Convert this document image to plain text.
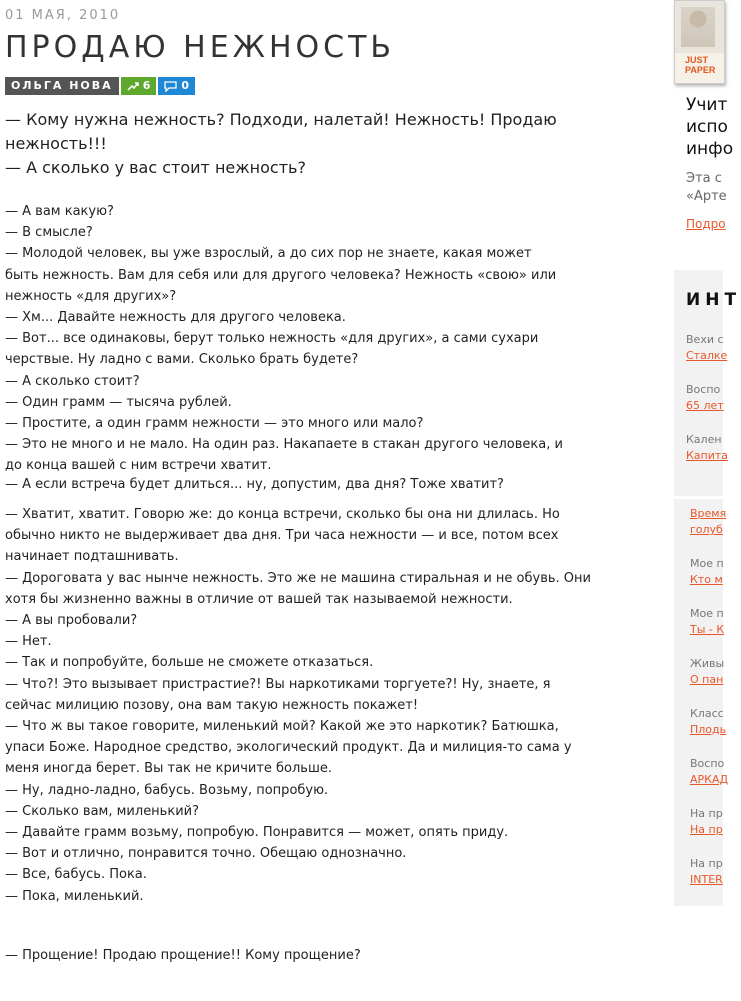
01 МАЯ, 2010
ПРОДАЮ НЕЖНОСТЬ
ОЛЬГА НОВА	6	0
— Кому нужна нежность? Подходи, налетай! Нежность! Продаю нежность!!!
— А сколько у вас стоит нежность?

— А вам какую?

— В смысле?

— Молодой человек, вы уже взрослый, а до сих пор не знаете, какая может быть нежность. Вам для себя или для другого человека? Нежность «свою» или нежность «для других»?

— Хм... Давайте нежность для другого человека.

— Вот... все одинаковы, берут только нежность «для других», а сами сухари черствые. Ну ладно с вами. Сколько брать будете?

— А сколько стоит?

— Один грамм — тысяча рублей.

— Простите, а один грамм нежности — это много или мало?

— Это не много и не мало. На один раз. Накапаете в стакан другого человека, и до конца вашей с ним встречи хватит.

— А если встреча будет длиться... ну, допустим, два дня? Тоже хватит?

— Хватит, хватит. Говорю же: до конца встречи, сколько бы она ни длилась. Но обычно никто не выдерживает два дня. Три часа нежности — и все, потом всех начинает подташнивать.

— Дороговата у вас нынче нежность. Это же не машина стиральная и не обувь. Они хотя бы жизненно важны в отличие от вашей так называемой нежности.

— А вы пробовали?

— Нет.

— Так и попробуйте, больше не сможете отказаться.

— Что?! Это вызывает пристрастие?! Вы наркотиками торгуете?! Ну, знаете, я сейчас милицию позову, она вам такую нежность покажет!

— Что ж вы такое говорите, миленький мой? Какой же это наркотик? Батюшка, упаси Боже. Народное средство, экологический продукт. Да и милиция-то сама у меня иногда берет. Вы так не кричите больше.

— Ну, ладно-ладно, бабусь. Возьму, попробую.

— Сколько вам, миленький?

— Давайте грамм возьму, попробую. Понравится — может, опять приду.

— Вот и отлично, понравится точно. Обещаю однозначно.

— Все, бабусь. Пока.

— Пока, миленький.

— Прощение! Продаю прощение!! Кому прощение?

JUST PAPER
Учит
испо
инфо
Эта с
«Арте
Подро
ИНТ
Вехи с
Сталке
Воспо
65 лет
Кален
Капита
Время
голуб
Мое п
Кто м
Мое п
Ты - К
Живы
О пан
Класс
Плодь
Воспо
АРКАД
На пр
На пр
На пр
INTER
